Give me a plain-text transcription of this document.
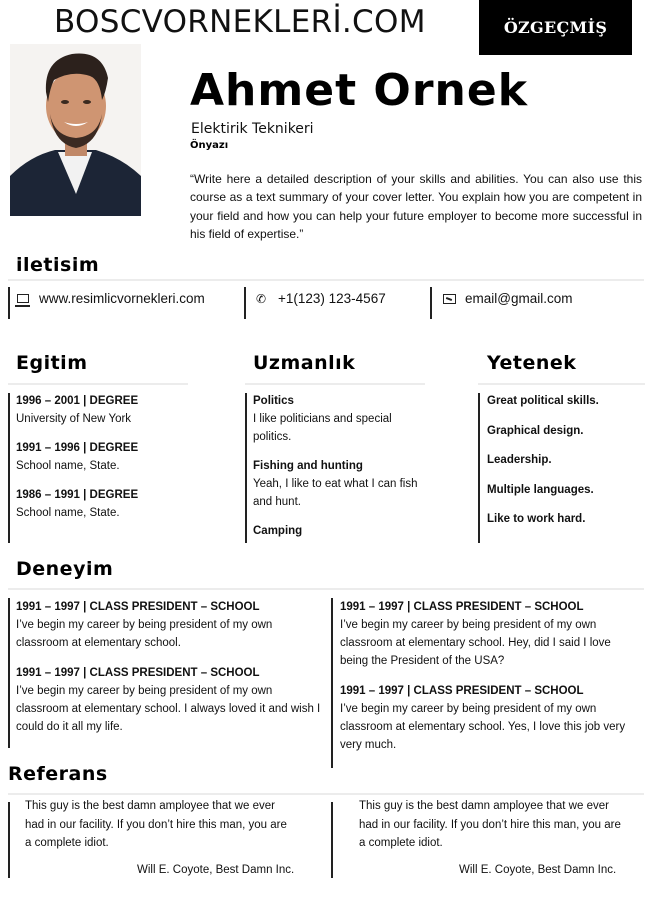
BOSCVORNEKLERİ.COM	ÖZGEÇMİŞ
Ahmet Ornek
Elektirik Teknikeri
Önyazı
“Write here a detailed description of your skills and abilities. You can also use this course as a text summary of your cover letter. You explain how you are competent in your field and how you can help your future employer to become more successful in his field of expertise.”
iletisim
www.resimlicvornekleri.com	✆ +1(123) 123-4567	email@gmail.com
Egitim
1996 – 2001 | DEGREE
University of New York
1991 – 1996 | DEGREE
School name, State.
1986 – 1991 | DEGREE
School name, State.
Uzmanlık
Politics
I like politicians and special politics.
Fishing and hunting
Yeah, I like to eat what I can fish and hunt.
Camping
Yetenek
Great political skills.
Graphical design.
Leadership.
Multiple languages.
Like to work hard.
Deneyim
1991 – 1997 | CLASS PRESIDENT – SCHOOL
I’ve begin my career by being president of my own classroom at elementary school.
1991 – 1997 | CLASS PRESIDENT – SCHOOL
I’ve begin my career by being president of my own classroom at elementary school. I always loved it and wish I could do it all my life.
1991 – 1997 | CLASS PRESIDENT – SCHOOL
I’ve begin my career by being president of my own classroom at elementary school. Hey, did I said I love being the President of the USA?
1991 – 1997 | CLASS PRESIDENT – SCHOOL
I’ve begin my career by being president of my own classroom at elementary school. Yes, I love this job very very much.
Referans
This guy is the best damn amployee that we ever had in our facility. If you don’t hire this man, you are a complete idiot.
Will E. Coyote, Best Damn Inc.
This guy is the best damn amployee that we ever had in our facility. If you don’t hire this man, you are a complete idiot.
Will E. Coyote, Best Damn Inc.
